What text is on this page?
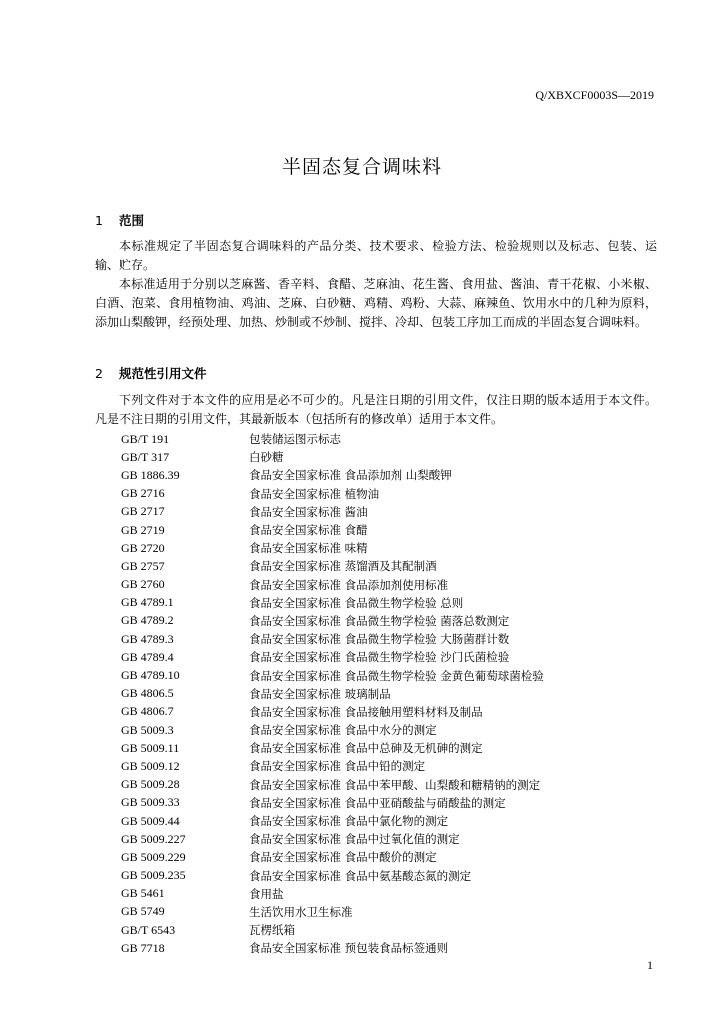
Q/XBXCF0003S—2019
半固态复合调味料
1 范围

本标准规定了半固态复合调味料的产品分类、技术要求、检验方法、检验规则以及标志、包装、运输、贮存。

本标准适用于分别以芝麻酱、香辛料、食醋、芝麻油、花生酱、食用盐、酱油、青干花椒、小米椒、白酒、泡菜、食用植物油、鸡油、芝麻、白砂糖、鸡精、鸡粉、大蒜、麻辣鱼、饮用水中的几种为原料，添加山梨酸钾，经预处理、加热、炒制或不炒制、搅拌、冷却、包装工序加工而成的半固态复合调味料。

2 规范性引用文件

下列文件对于本文件的应用是必不可少的。凡是注日期的引用文件，仅注日期的版本适用于本文件。凡是不注日期的引用文件，其最新版本（包括所有的修改单）适用于本文件。

GB/T 191	包装储运图示标志
GB/T 317	白砂糖
GB 1886.39	食品安全国家标准 食品添加剂 山梨酸钾
GB 2716	食品安全国家标准 植物油
GB 2717	食品安全国家标准 酱油
GB 2719	食品安全国家标准 食醋
GB 2720	食品安全国家标准 味精
GB 2757	食品安全国家标准 蒸馏酒及其配制酒
GB 2760	食品安全国家标准 食品添加剂使用标准
GB 4789.1	食品安全国家标准 食品微生物学检验 总则
GB 4789.2	食品安全国家标准 食品微生物学检验 菌落总数测定
GB 4789.3	食品安全国家标准 食品微生物学检验 大肠菌群计数
GB 4789.4	食品安全国家标准 食品微生物学检验 沙门氏菌检验
GB 4789.10	食品安全国家标准 食品微生物学检验 金黄色葡萄球菌检验
GB 4806.5	食品安全国家标准 玻璃制品
GB 4806.7	食品安全国家标准 食品接触用塑料材料及制品
GB 5009.3	食品安全国家标准 食品中水分的测定
GB 5009.11	食品安全国家标准 食品中总砷及无机砷的测定
GB 5009.12	食品安全国家标准 食品中铅的测定
GB 5009.28	食品安全国家标准 食品中苯甲酸、山梨酸和糖精钠的测定
GB 5009.33	食品安全国家标准 食品中亚硝酸盐与硝酸盐的测定
GB 5009.44	食品安全国家标准 食品中氯化物的测定
GB 5009.227	食品安全国家标准 食品中过氧化值的测定
GB 5009.229	食品安全国家标准 食品中酸价的测定
GB 5009.235	食品安全国家标准 食品中氨基酸态氮的测定
GB 5461	食用盐
GB 5749	生活饮用水卫生标准
GB/T 6543	瓦楞纸箱
GB 7718	食品安全国家标准 预包装食品标签通则
1
